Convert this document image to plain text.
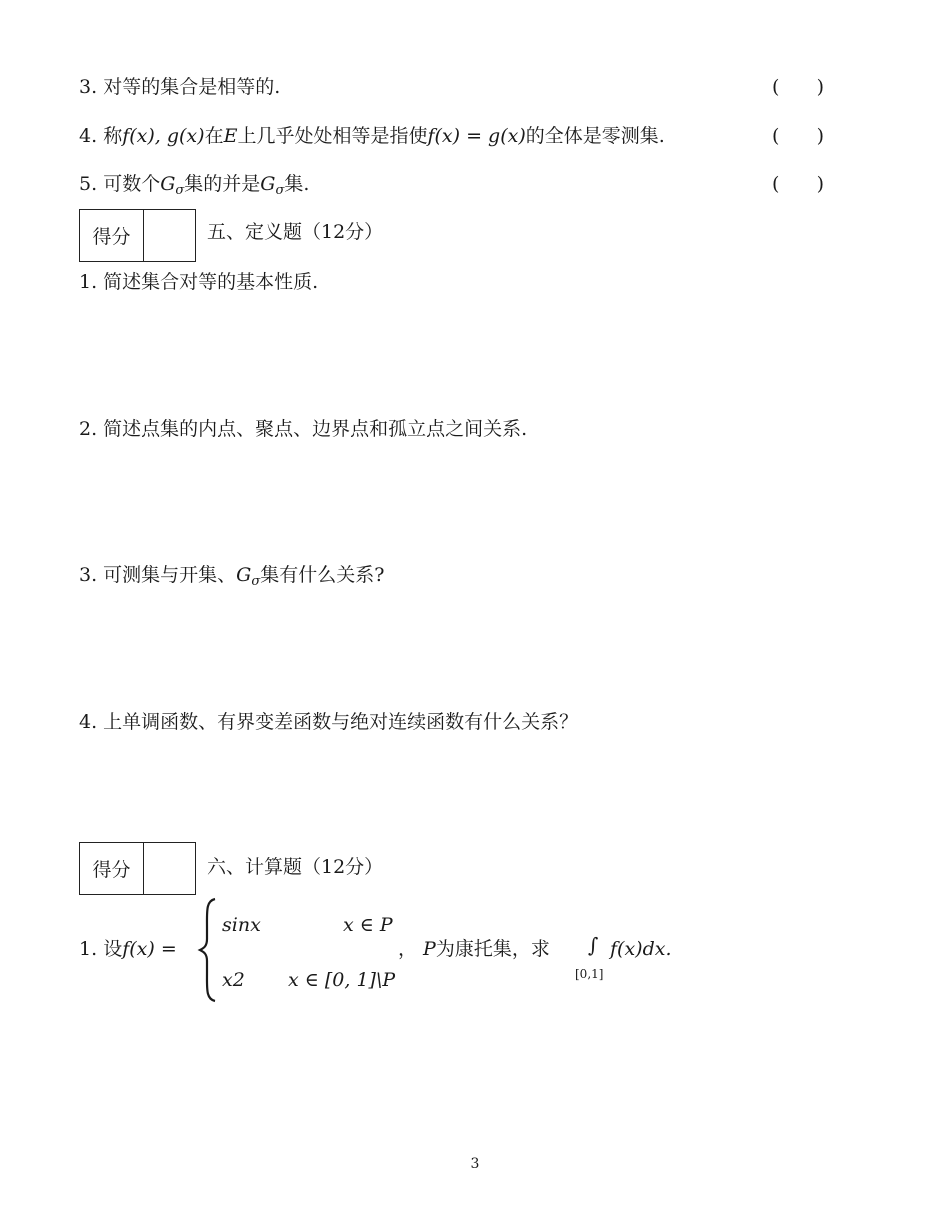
3. 对等的集合是相等的.	( )
4. 称f(x), g(x)在E上几乎处处相等是指使f(x) = g(x)的全体是零测集.	( )
5. 可数个$G_\sigma$集的并是$G_\sigma$集.	( )
得分	五、定义题（12分）
1. 简述集合对等的基本性质.
2. 简述点集的内点、聚点、边界点和孤立点之间关系.
3. 可测集与开集、$G_\sigma$集有什么关系?
4. 上单调函数、有界变差函数与绝对连续函数有什么关系？
得分	六、计算题（12分）
1. 设f(x) =
sinx	x ∈ P
x2 x ∈ [0, 1]\P
， P为康托集，求 ∫
[0,1]
f(x)dx.
3
